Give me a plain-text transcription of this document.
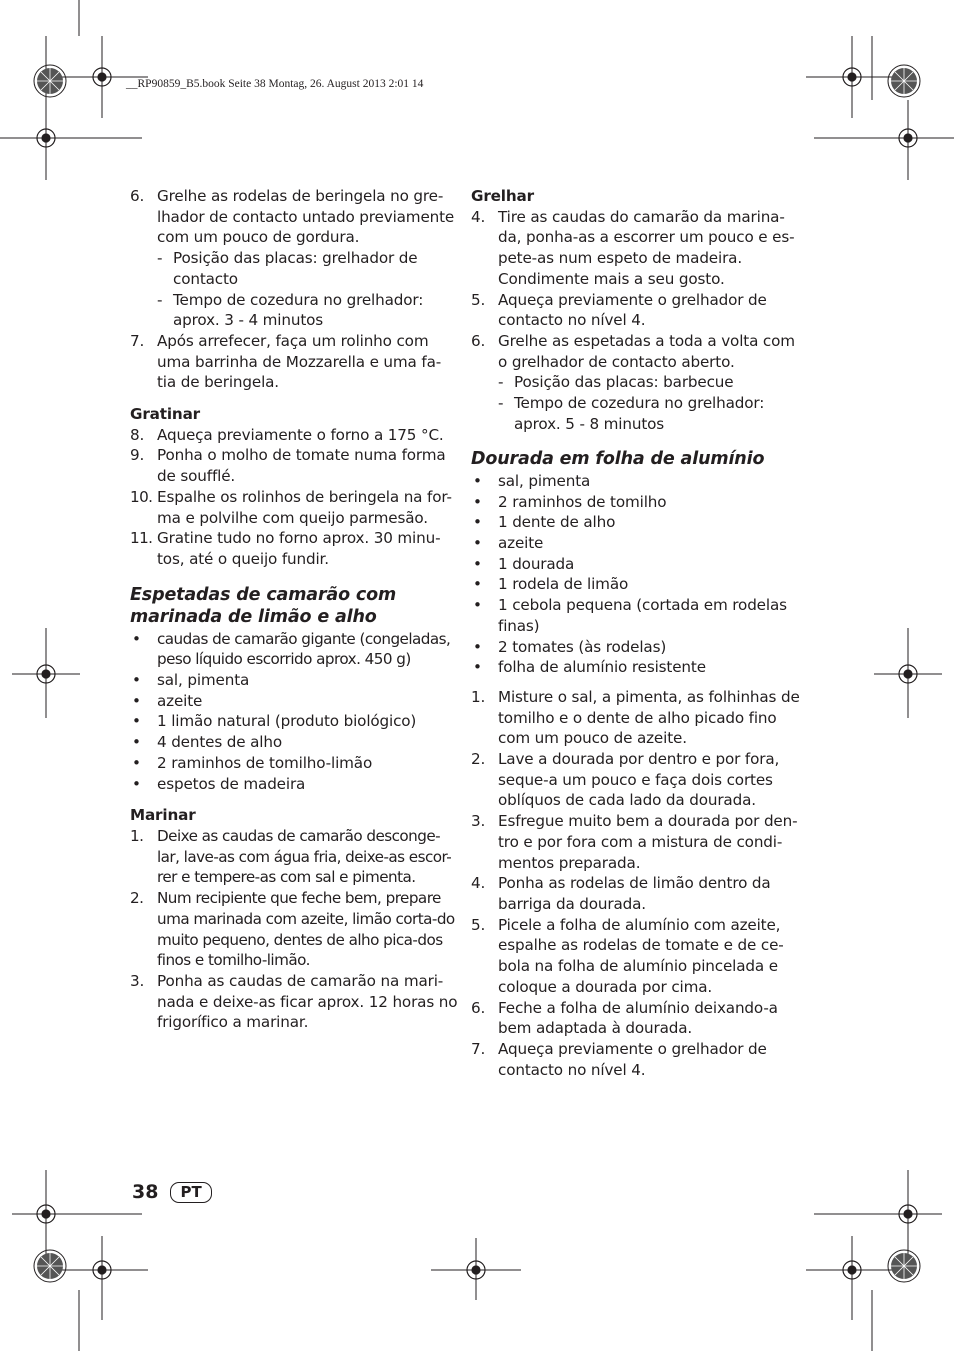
__RP90859_B5.book Seite 38 Montag, 26. August 2013 2:01 14
6. Grelhe as rodelas de beringela no gre-lhador de contacto untado previamente com um pouco de gordura.
- Posição das placas: grelhador de contacto
- Tempo de cozedura no grelhador: aprox. 3 - 4 minutos
7. Após arrefecer, faça um rolinho com uma barrinha de Mozzarella e uma fa-tia de beringela.

Gratinar

8. Aqueça previamente o forno a 175 °C.
9. Ponha o molho de tomate numa forma de soufflé.
10. Espalhe os rolinhos de beringela na for-ma e polvilhe com queijo parmesão.
11. Gratine tudo no forno aprox. 30 minu-tos, até o queijo fundir.

Espetadas de camarão com marinada de limão e alho

• caudas de camarão gigante (congeladas, peso líquido escorrido aprox. 450 g)
• sal, pimenta
• azeite
• 1 limão natural (produto biológico)
• 4 dentes de alho
• 2 raminhos de tomilho-limão
• espetos de madeira

Marinar

1. Deixe as caudas de camarão desconge-lar, lave-as com água fria, deixe-as escor-rer e tempere-as com sal e pimenta.
2. Num recipiente que feche bem, prepare uma marinada com azeite, limão corta-do muito pequeno, dentes de alho pica-dos finos e tomilho-limão.
3. Ponha as caudas de camarão na mari-nada e deixe-as ficar aprox. 12 horas no frigorífico a marinar.

Grelhar

4. Tire as caudas do camarão da marina-da, ponha-as a escorrer um pouco e es-pete-as num espeto de madeira. Condimente mais a seu gosto.
5. Aqueça previamente o grelhador de contacto no nível 4.
6. Grelhe as espetadas a toda a volta com o grelhador de contacto aberto.
- Posição das placas: barbecue
- Tempo de cozedura no grelhador: aprox. 5 - 8 minutos

Dourada em folha de alumínio

• sal, pimenta
• 2 raminhos de tomilho
• 1 dente de alho
• azeite
• 1 dourada
• 1 rodela de limão
• 1 cebola pequena (cortada em rodelas finas)
• 2 tomates (às rodelas)
• folha de alumínio resistente
1. Misture o sal, a pimenta, as folhinhas de tomilho e o dente de alho picado fino com um pouco de azeite.
2. Lave a dourada por dentro e por fora, seque-a um pouco e faça dois cortes oblíquos de cada lado da dourada.
3. Esfregue muito bem a dourada por den-tro e por fora com a mistura de condi-mentos preparada.
4. Ponha as rodelas de limão dentro da barriga da dourada.
5. Picele a folha de alumínio com azeite, espalhe as rodelas de tomate e de ce-bola na folha de alumínio pincelada e coloque a dourada por cima.
6. Feche a folha de alumínio deixando-a bem adaptada à dourada.
7. Aqueça previamente o grelhador de contacto no nível 4.
38	PT
